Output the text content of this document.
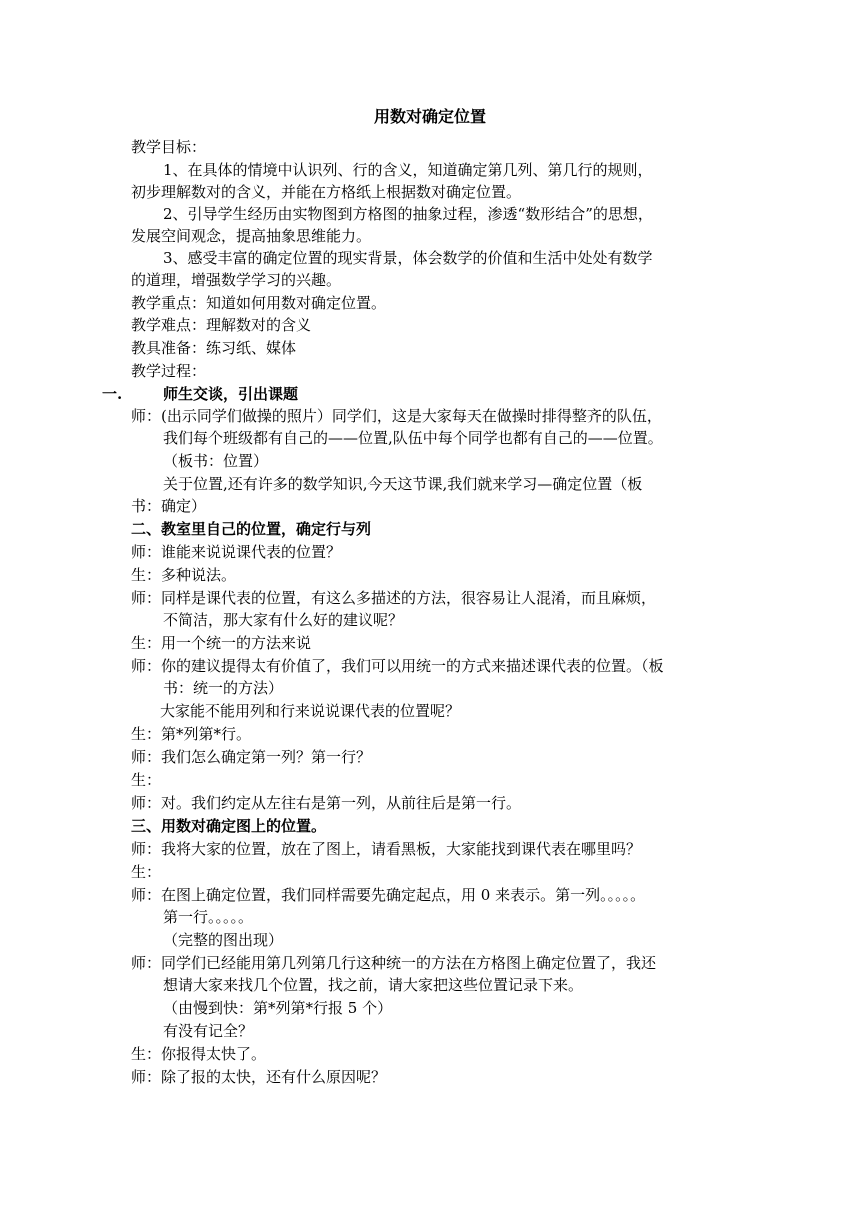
用数对确定位置
教学目标：
1、在具体的情境中认识列、行的含义，知道确定第几列、第几行的规则，
初步理解数对的含义，并能在方格纸上根据数对确定位置。
2、引导学生经历由实物图到方格图的抽象过程，渗透“数形结合”的思想，
发展空间观念，提高抽象思维能力。
3、感受丰富的确定位置的现实背景，体会数学的价值和生活中处处有数学
的道理，增强数学学习的兴趣。
教学重点：知道如何用数对确定位置。
教学难点：理解数对的含义
教具准备：练习纸、媒体
教学过程：
一.	师生交谈，引出课题
师：(出示同学们做操的照片）同学们，这是大家每天在做操时排得整齐的队伍，
我们每个班级都有自己的——位置,队伍中每个同学也都有自己的——位置。
（板书：位置）
关于位置,还有许多的数学知识,今天这节课,我们就来学习—确定位置（板
书：确定）
二、教室里自己的位置，确定行与列
师：谁能来说说课代表的位置？
生：多种说法。
师：同样是课代表的位置，有这么多描述的方法，很容易让人混淆，而且麻烦，
不简洁，那大家有什么好的建议呢？
生：用一个统一的方法来说
师：你的建议提得太有价值了，我们可以用统一的方式来描述课代表的位置。（板
书：统一的方法）
大家能不能用列和行来说说课代表的位置呢？
生：第*列第*行。
师：我们怎么确定第一列？第一行？
生：
师：对。我们约定从左往右是第一列，从前往后是第一行。
三、用数对确定图上的位置。
师：我将大家的位置，放在了图上，请看黑板，大家能找到课代表在哪里吗？
生：
师：在图上确定位置，我们同样需要先确定起点，用 0 来表示。第一列。。。。。
第一行。。。。。
（完整的图出现）
师：同学们已经能用第几列第几行这种统一的方法在方格图上确定位置了，我还
想请大家来找几个位置，找之前，请大家把这些位置记录下来。
（由慢到快：第*列第*行报 5 个）
有没有记全？
生：你报得太快了。
师：除了报的太快，还有什么原因呢？
